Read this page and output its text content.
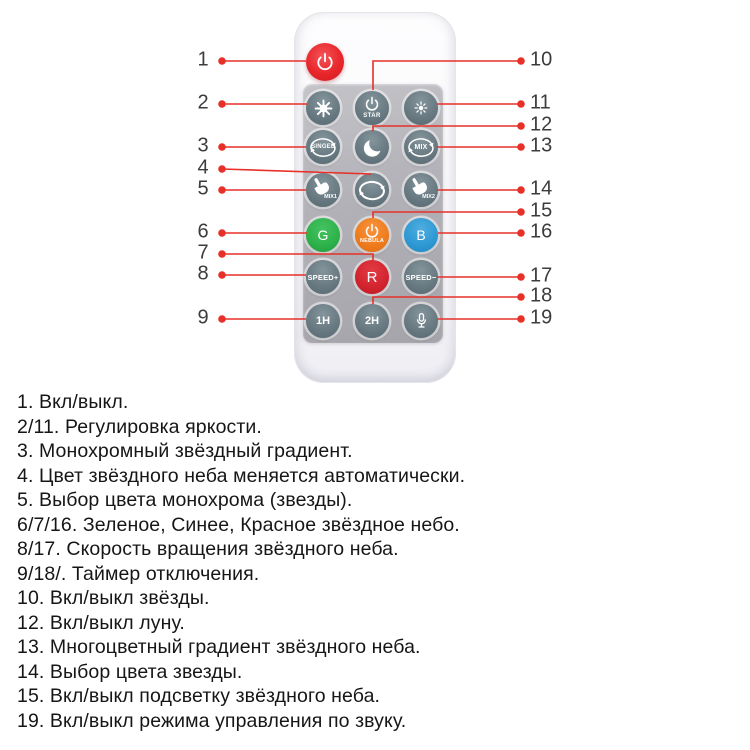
STAR
SINGEL	MIX
MIX1	MIX2
G	NEBULA	B
SPEED+ R	SPEED−
1H	2H
1
2
3
4
5
6
7
8
9
10
11
12
13
14
15
16
17
18
19
1. Вкл/выкл.
2/11. Регулировка яркости.
3. Монохромный звёздный градиент.
4. Цвет звёздного неба меняется автоматически.
5. Выбор цвета монохрома (звезды).
6/7/16. Зеленое, Синее, Красное звёздное небо.
8/17. Скорость вращения звёздного неба.
9/18/. Таймер отключения.
10. Вкл/выкл звёзды.
12. Вкл/выкл луну.
13. Многоцветный градиент звёздного неба.
14. Выбор цвета звезды.
15. Вкл/выкл подсветку звёздного неба.
19. Вкл/выкл режима управления по звуку.
